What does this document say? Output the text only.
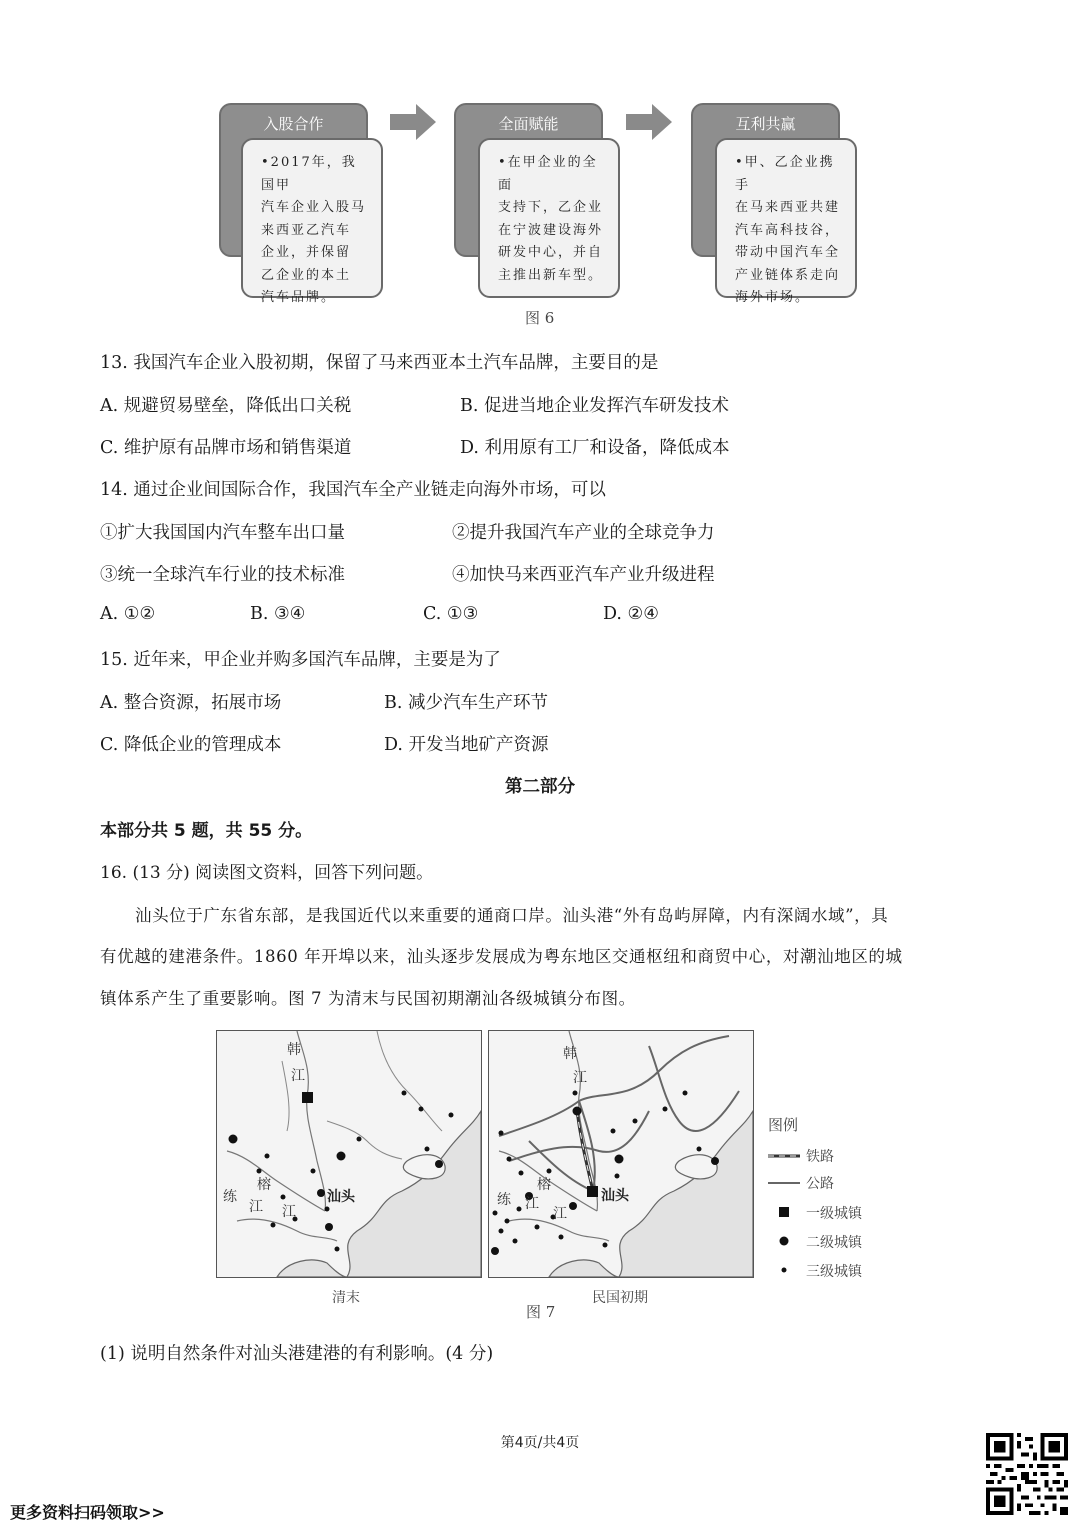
入股合作
•2017年，我国甲
汽车企业入股马
来西亚乙汽车
企业，并保留
乙企业的本土
汽车品牌。
全面赋能
•在甲企业的全面
支持下，乙企业
在宁波建设海外
研发中心，并自
主推出新车型。
互利共赢
•甲、乙企业携手
在马来西亚共建
汽车高科技谷，
带动中国汽车全
产业链体系走向
海外市场。
图 6
13. 我国汽车企业入股初期，保留了马来西亚本土汽车品牌，主要目的是
A. 规避贸易壁垒，降低出口关税	B. 促进当地企业发挥汽车研发技术
C. 维护原有品牌市场和销售渠道	D. 利用原有工厂和设备，降低成本
14. 通过企业间国际合作，我国汽车全产业链走向海外市场，可以
①扩大我国国内汽车整车出口量	②提升我国汽车产业的全球竞争力
③统一全球汽车行业的技术标准	④加快马来西亚汽车产业升级进程
A. ①②	B. ③④	C. ①③	D. ②④
15. 近年来，甲企业并购多国汽车品牌，主要是为了
A. 整合资源，拓展市场	B. 减少汽车生产环节
C. 降低企业的管理成本	D. 开发当地矿产资源
第二部分
本部分共 5 题，共 55 分。
16. (13 分) 阅读图文资料，回答下列问题。
汕头位于广东省东部，是我国近代以来重要的通商口岸。汕头港“外有岛屿屏障，内有深阔水域”，具
有优越的建港条件。1860 年开埠以来，汕头逐步发展成为粤东地区交通枢纽和商贸中心，对潮汕地区的城
镇体系产生了重要影响。图 7 为清末与民国初期潮汕各级城镇分布图。
韩
江
榕
江
练
江
汕头
韩
江
榕
江
练 江	汕头
图例
铁路
公路
一级城镇
二级城镇
三级城镇
清末	民国初期
图 7
(1) 说明自然条件对汕头港建港的有利影响。(4 分)
第4页/共4页
更多资料扫码领取>>
